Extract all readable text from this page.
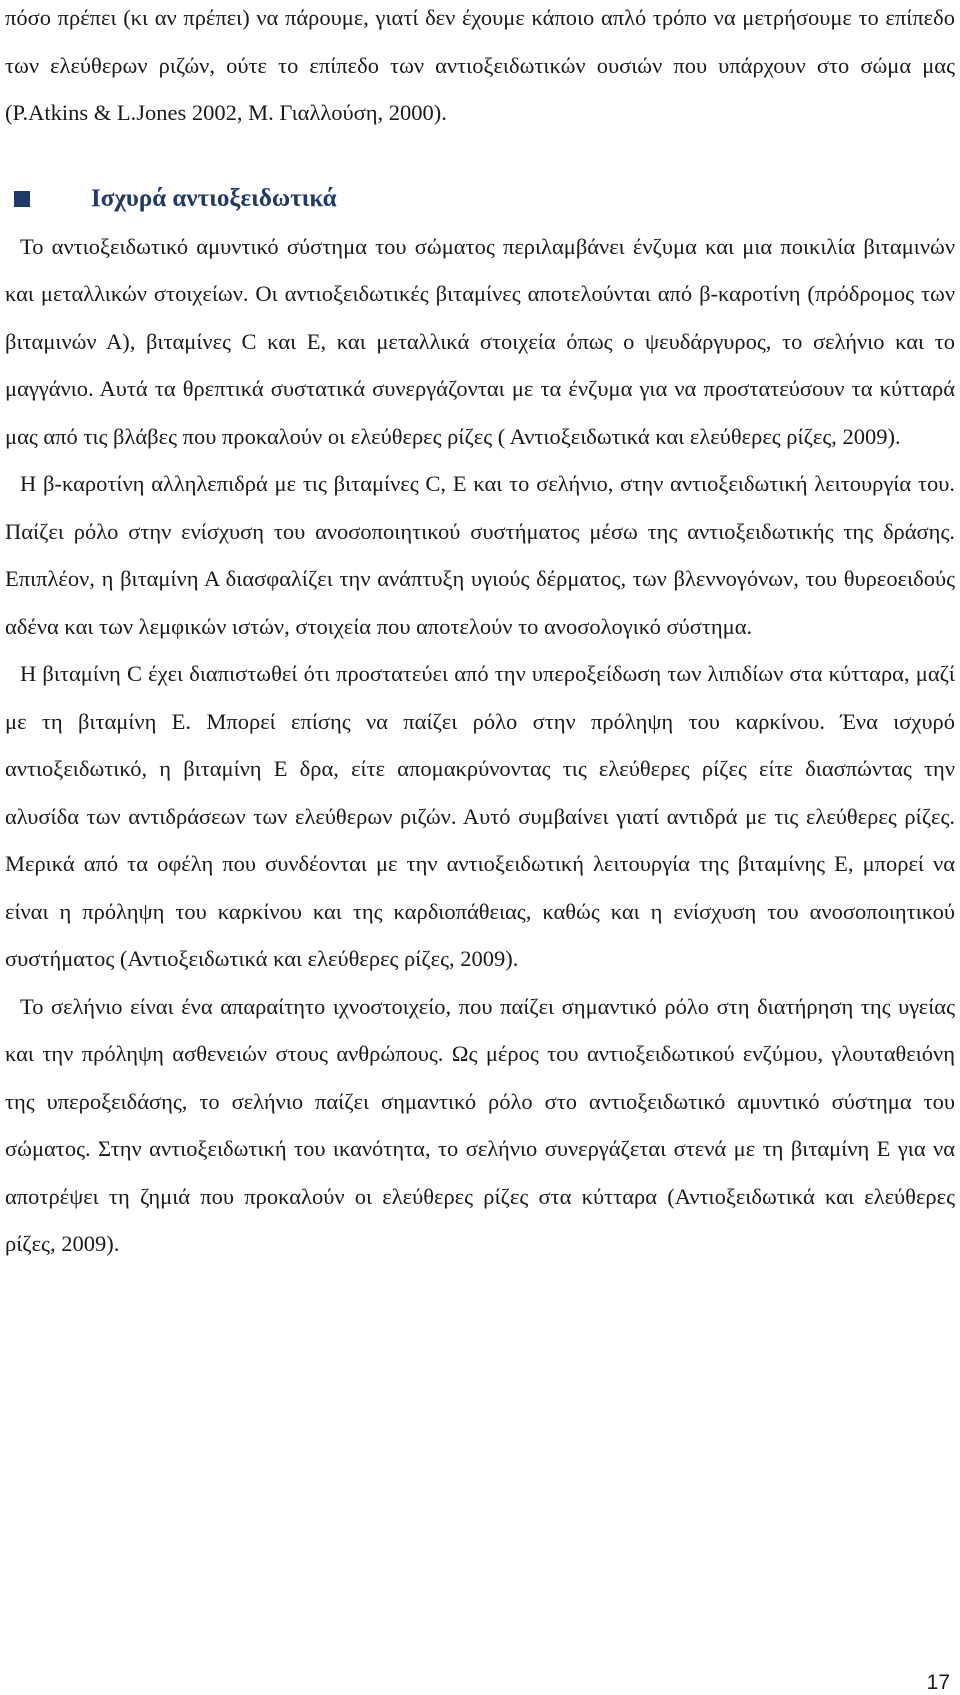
πόσο πρέπει (κι αν πρέπει) να πάρουμε, γιατί δεν έχουμε κάποιο απλό τρόπο να μετρήσουμε το επίπεδο των ελεύθερων ριζών, ούτε το επίπεδο των αντιοξειδωτικών ουσιών που υπάρχουν στο σώμα μας (P.Atkins & L.Jones 2002, M. Γιαλλούση, 2000).

Ισχυρά αντιοξειδωτικά

Το αντιοξειδωτικό αμυντικό σύστημα του σώματος περιλαμβάνει ένζυμα και μια ποικιλία βιταμινών και μεταλλικών στοιχείων. Οι αντιοξειδωτικές βιταμίνες αποτελούνται από β-καροτίνη (πρόδρομος των βιταμινών Α), βιταμίνες C και E, και μεταλλικά στοιχεία όπως ο ψευδάργυρος, το σελήνιο και το μαγγάνιο. Αυτά τα θρεπτικά συστατικά συνεργάζονται με τα ένζυμα για να προστατεύσουν τα κύτταρά μας από τις βλάβες που προκαλούν οι ελεύθερες ρίζες ( Αντιοξειδωτικά και ελεύθερες ρίζες, 2009).

Η β-καροτίνη αλληλεπιδρά με τις βιταμίνες C, E και το σελήνιο, στην αντιοξειδωτική λειτουργία του. Παίζει ρόλο στην ενίσχυση του ανοσοποιητικού συστήματος μέσω της αντιοξειδωτικής της δράσης. Επιπλέον, η βιταμίνη Α διασφαλίζει την ανάπτυξη υγιούς δέρματος, των βλεννογόνων, του θυρεοειδούς αδένα και των λεμφικών ιστών, στοιχεία που αποτελούν το ανοσολογικό σύστημα.

Η βιταμίνη C έχει διαπιστωθεί ότι προστατεύει από την υπεροξείδωση των λιπιδίων στα κύτταρα, μαζί με τη βιταμίνη E. Μπορεί επίσης να παίζει ρόλο στην πρόληψη του καρκίνου. Ένα ισχυρό αντιοξειδωτικό, η βιταμίνη E δρα, είτε απομακρύνοντας τις ελεύθερες ρίζες είτε διασπώντας την αλυσίδα των αντιδράσεων των ελεύθερων ριζών. Αυτό συμβαίνει γιατί αντιδρά με τις ελεύθερες ρίζες. Μερικά από τα οφέλη που συνδέονται με την αντιοξειδωτική λειτουργία της βιταμίνης E, μπορεί να είναι η πρόληψη του καρκίνου και της καρδιοπάθειας, καθώς και η ενίσχυση του ανοσοποιητικού συστήματος (Αντιοξειδωτικά και ελεύθερες ρίζες, 2009).

Το σελήνιο είναι ένα απαραίτητο ιχνοστοιχείο, που παίζει σημαντικό ρόλο στη διατήρηση της υγείας και την πρόληψη ασθενειών στους ανθρώπους. Ως μέρος του αντιοξειδωτικού ενζύμου, γλουταθειόνη της υπεροξειδάσης, το σελήνιο παίζει σημαντικό ρόλο στο αντιοξειδωτικό αμυντικό σύστημα του σώματος. Στην αντιοξειδωτική του ικανότητα, το σελήνιο συνεργάζεται στενά με τη βιταμίνη E για να αποτρέψει τη ζημιά που προκαλούν οι ελεύθερες ρίζες στα κύτταρα (Αντιοξειδωτικά και ελεύθερες ρίζες, 2009).

17
